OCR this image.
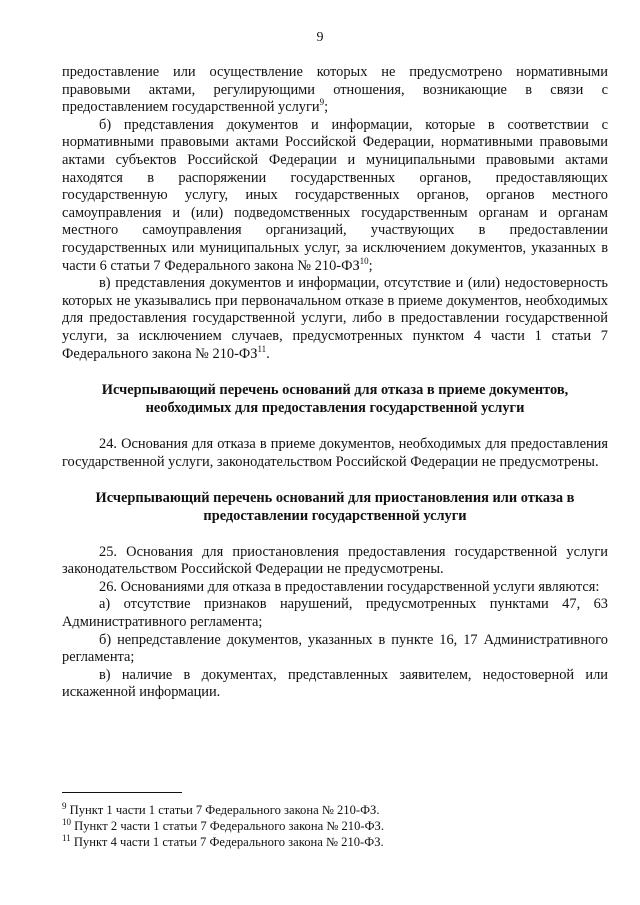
9

предоставление или осуществление которых не предусмотрено нормативными правовыми актами, регулирующими отношения, возникающие в связи с предоставлением государственной услуги$^9$;

б) представления документов и информации, которые в соответствии с нормативными правовыми актами Российской Федерации, нормативными правовыми актами субъектов Российской Федерации и муниципальными правовыми актами находятся в распоряжении государственных органов, предоставляющих государственную услугу, иных государственных органов, органов местного самоуправления и (или) подведомственных государственным органам и органам местного самоуправления организаций, участвующих в предоставлении государственных или муниципальных услуг, за исключением документов, указанных в части 6 статьи 7 Федерального закона № 210-ФЗ$^{10}$;

в) представления документов и информации, отсутствие и (или) недостоверность которых не указывались при первоначальном отказе в приеме документов, необходимых для предоставления государственной услуги, либо в предоставлении государственной услуги, за исключением случаев, предусмотренных пунктом 4 части 1 статьи 7 Федерального закона № 210-ФЗ$^{11}$.

Исчерпывающий перечень оснований для отказа в приеме документов, необходимых для предоставления государственной услуги

24. Основания для отказа в приеме документов, необходимых для предоставления государственной услуги, законодательством Российской Федерации не предусмотрены.

Исчерпывающий перечень оснований для приостановления или отказа в предоставлении государственной услуги

25. Основания для приостановления предоставления государственной услуги законодательством Российской Федерации не предусмотрены.

26. Основаниями для отказа в предоставлении государственной услуги являются:

а) отсутствие признаков нарушений, предусмотренных пунктами 47, 63 Административного регламента;

б) непредставление документов, указанных в пункте 16, 17 Административного регламента;

в) наличие в документах, представленных заявителем, недостоверной или искаженной информации.

$^9$ Пункт 1 части 1 статьи 7 Федерального закона № 210-ФЗ.

$^{10}$ Пункт 2 части 1 статьи 7 Федерального закона № 210-ФЗ.

$^{11}$ Пункт 4 части 1 статьи 7 Федерального закона № 210-ФЗ.
